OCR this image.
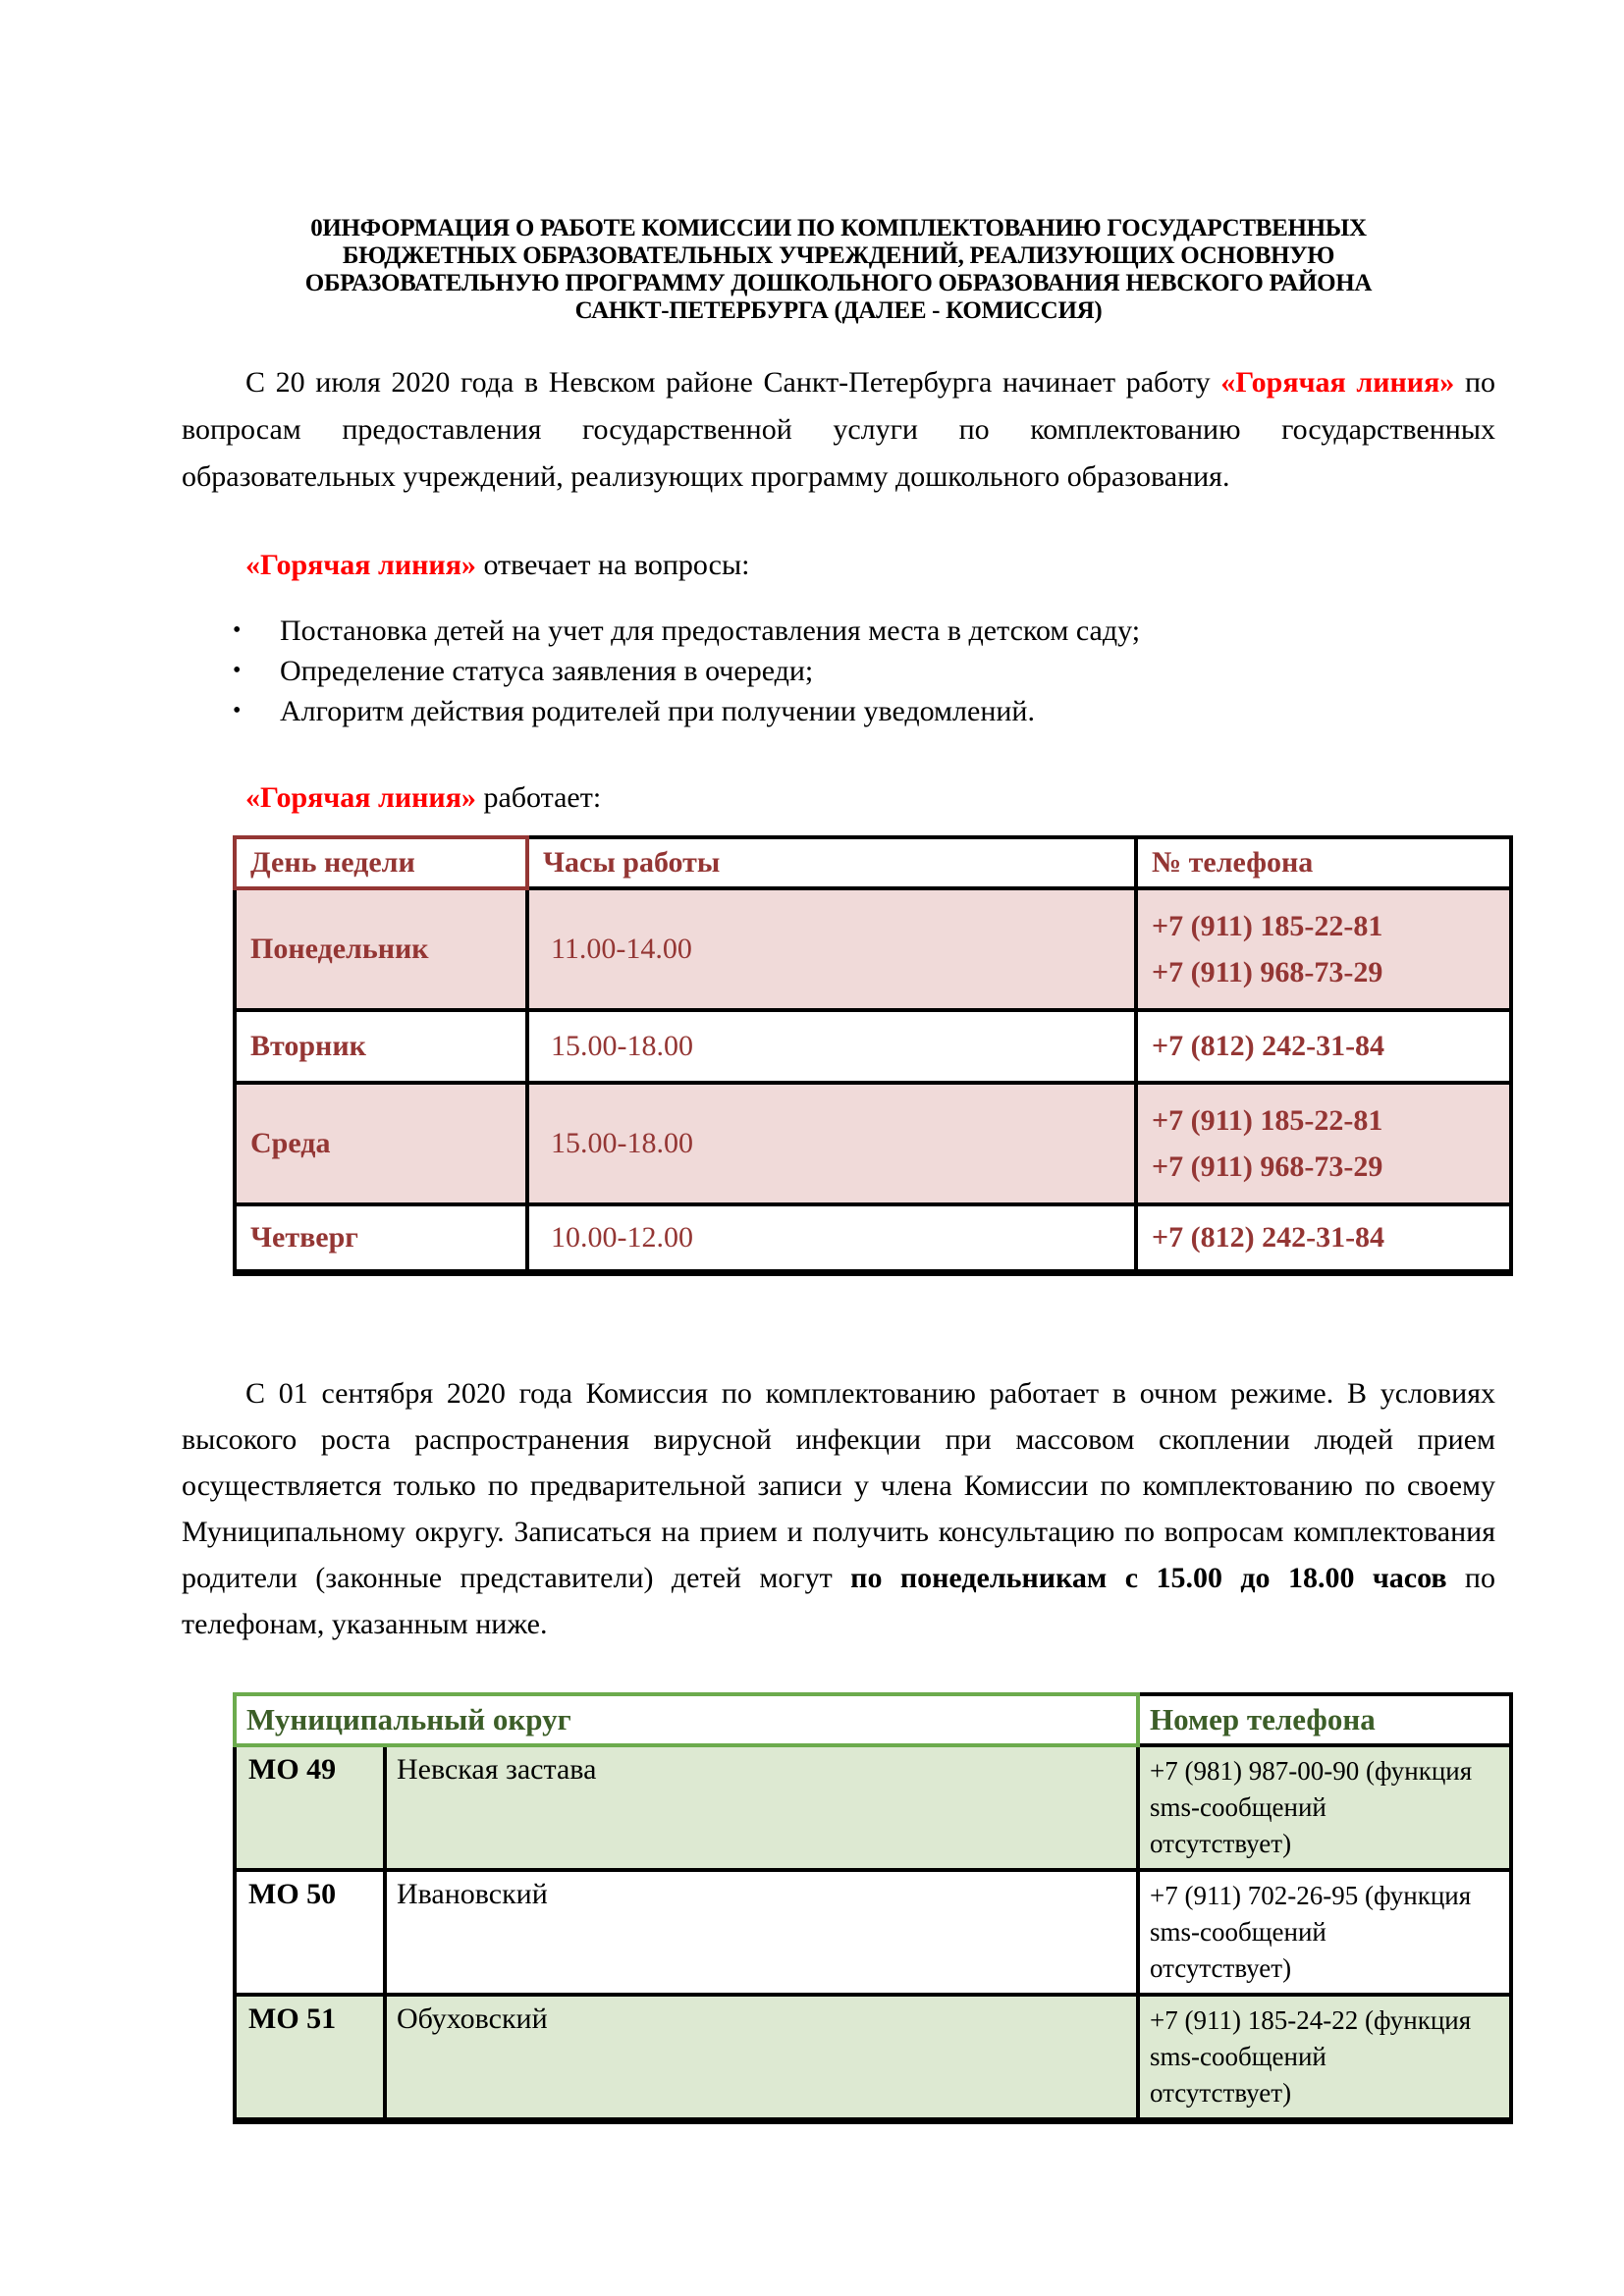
0ИНФОРМАЦИЯ О РАБОТЕ КОМИССИИ ПО КОМПЛЕКТОВАНИЮ ГОСУДАРСТВЕННЫХ
БЮДЖЕТНЫХ ОБРАЗОВАТЕЛЬНЫХ УЧРЕЖДЕНИЙ, РЕАЛИЗУЮЩИХ ОСНОВНУЮ
ОБРАЗОВАТЕЛЬНУЮ ПРОГРАММУ ДОШКОЛЬНОГО ОБРАЗОВАНИЯ НЕВСКОГО РАЙОНА
САНКТ-ПЕТЕРБУРГА (ДАЛЕЕ - КОМИССИЯ)

С 20 июля 2020 года в Невском районе Санкт-Петербурга начинает работу «Горячая линия» по вопросам предоставления государственной услуги по комплектованию государственных образовательных учреждений, реализующих программу дошкольного образования.

«Горячая линия» отвечает на вопросы:

• Постановка детей на учет для предоставления места в детском саду;
• Определение статуса заявления в очереди;
• Алгоритм действия родителей при получении уведомлений.

«Горячая линия» работает:

День недели	Часы работы	№ телефона
Понедельник	11.00-14.00	+7 (911) 185-22-81
+7 (911) 968-73-29

Вторник	15.00-18.00	+7 (812) 242-31-84

Среда	15.00-18.00	+7 (911) 185-22-81
+7 (911) 968-73-29

Четверг	10.00-12.00	+7 (812) 242-31-84

С 01 сентября 2020 года Комиссия по комплектованию работает в очном режиме. В условиях высокого роста распространения вирусной инфекции при массовом скоплении людей прием осуществляется только по предварительной записи у члена Комиссии по комплектованию по своему Муниципальному округу. Записаться на прием и получить консультацию по вопросам комплектования родители (законные представители) детей могут по понедельникам с 15.00 до 18.00 часов по телефонам, указанным ниже.

Муниципальный округ		Номер телефона
МО 49	Невская застава	+7 (981) 987-00-90 (функция
sms-сообщений
отсутствует)

МО 50	Ивановский	+7 (911) 702-26-95 (функция
sms-сообщений
отсутствует)

МО 51	Обуховский	+7 (911) 185-24-22 (функция
sms-сообщений
отсутствует)
